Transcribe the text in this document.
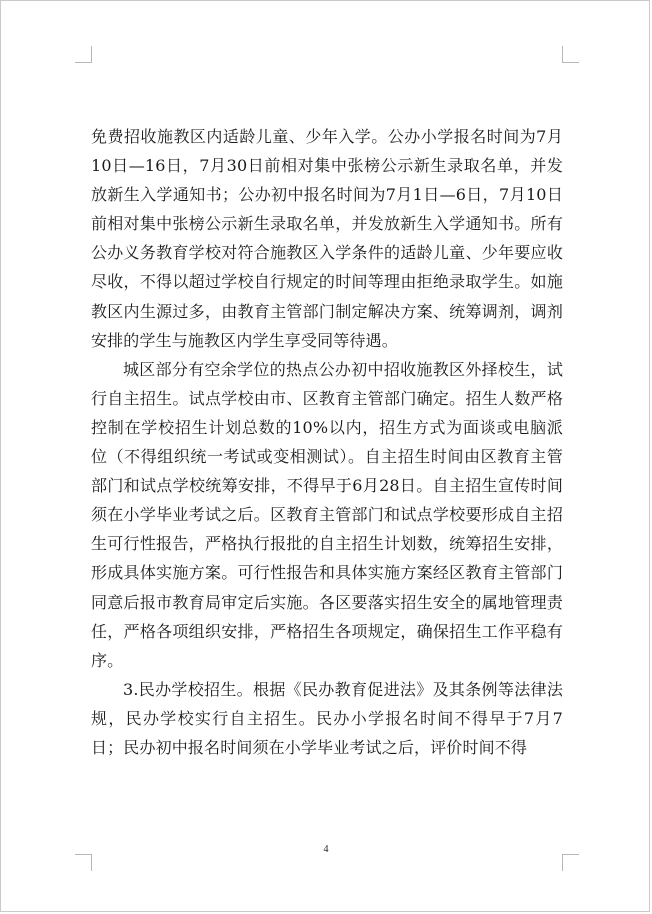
免费招收施教区内适龄儿童、少年入学。公办小学报名时间为7月10日—16日，7月30日前相对集中张榜公示新生录取名单，并发放新生入学通知书；公办初中报名时间为7月1日—6日，7月10日前相对集中张榜公示新生录取名单，并发放新生入学通知书。所有公办义务教育学校对符合施教区入学条件的适龄儿童、少年要应收尽收，不得以超过学校自行规定的时间等理由拒绝录取学生。如施教区内生源过多，由教育主管部门制定解决方案、统筹调剂，调剂安排的学生与施教区内学生享受同等待遇。

城区部分有空余学位的热点公办初中招收施教区外择校生，试行自主招生。试点学校由市、区教育主管部门确定。招生人数严格控制在学校招生计划总数的10%以内，招生方式为面谈或电脑派位（不得组织统一考试或变相测试）。自主招生时间由区教育主管部门和试点学校统筹安排，不得早于6月28日。自主招生宣传时间须在小学毕业考试之后。区教育主管部门和试点学校要形成自主招生可行性报告，严格执行报批的自主招生计划数，统筹招生安排，形成具体实施方案。可行性报告和具体实施方案经区教育主管部门同意后报市教育局审定后实施。各区要落实招生安全的属地管理责任，严格各项组织安排，严格招生各项规定，确保招生工作平稳有序。

3.民办学校招生。根据《民办教育促进法》及其条例等法律法规，民办学校实行自主招生。民办小学报名时间不得早于7月7日；民办初中报名时间须在小学毕业考试之后，评价时间不得

4
